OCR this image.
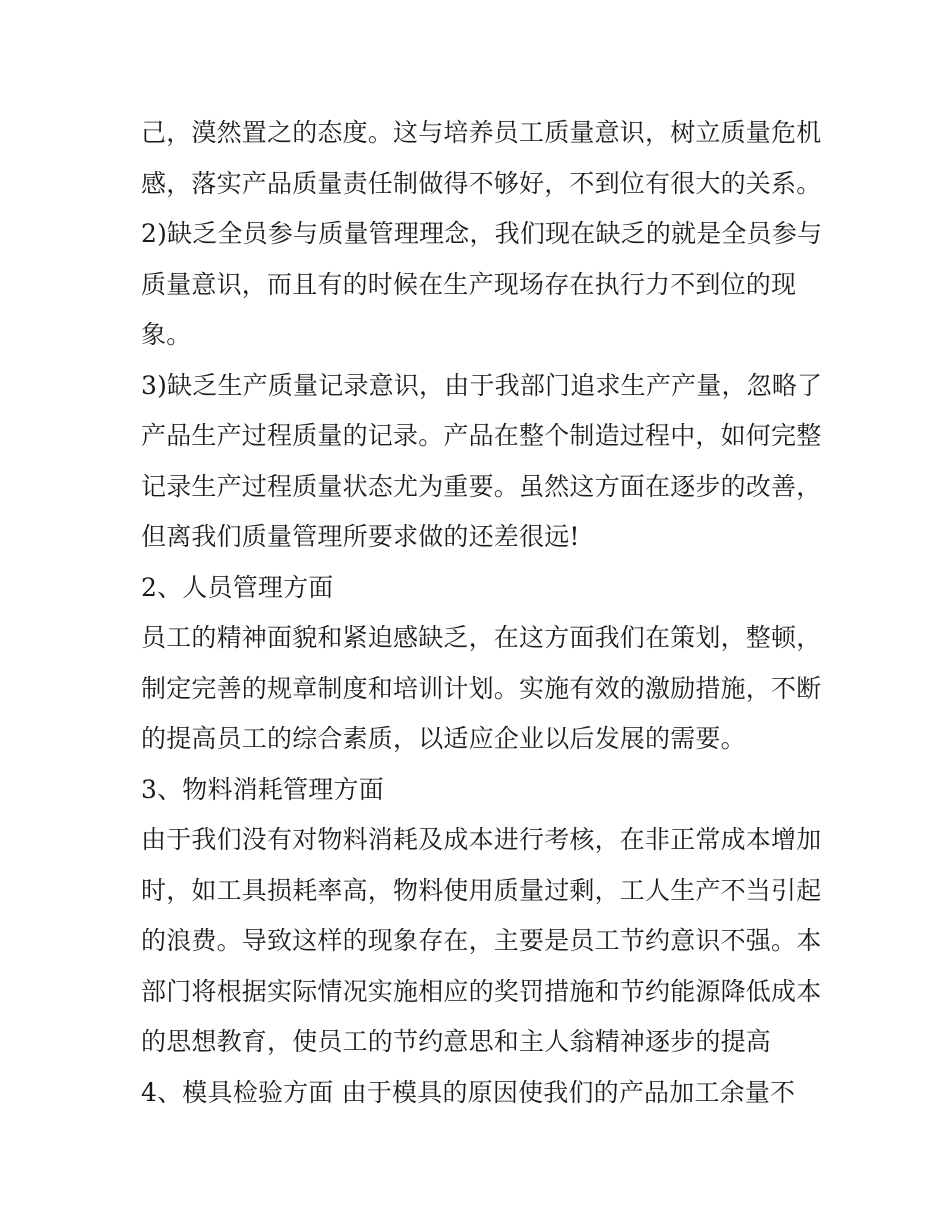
己，漠然置之的态度。这与培养员工质量意识，树立质量危机
感，落实产品质量责任制做得不够好，不到位有很大的关系。
2)缺乏全员参与质量管理理念，我们现在缺乏的就是全员参与
质量意识，而且有的时候在生产现场存在执行力不到位的现
象。
3)缺乏生产质量记录意识，由于我部门追求生产产量，忽略了
产品生产过程质量的记录。产品在整个制造过程中，如何完整
记录生产过程质量状态尤为重要。虽然这方面在逐步的改善，
但离我们质量管理所要求做的还差很远!
2、人员管理方面
员工的精神面貌和紧迫感缺乏，在这方面我们在策划，整顿，
制定完善的规章制度和培训计划。实施有效的激励措施，不断
的提高员工的综合素质，以适应企业以后发展的需要。
3、物料消耗管理方面
由于我们没有对物料消耗及成本进行考核，在非正常成本增加
时，如工具损耗率高，物料使用质量过剩，工人生产不当引起
的浪费。导致这样的现象存在，主要是员工节约意识不强。本
部门将根据实际情况实施相应的奖罚措施和节约能源降低成本
的思想教育，使员工的节约意思和主人翁精神逐步的提高
4、模具检验方面 由于模具的原因使我们的产品加工余量不
